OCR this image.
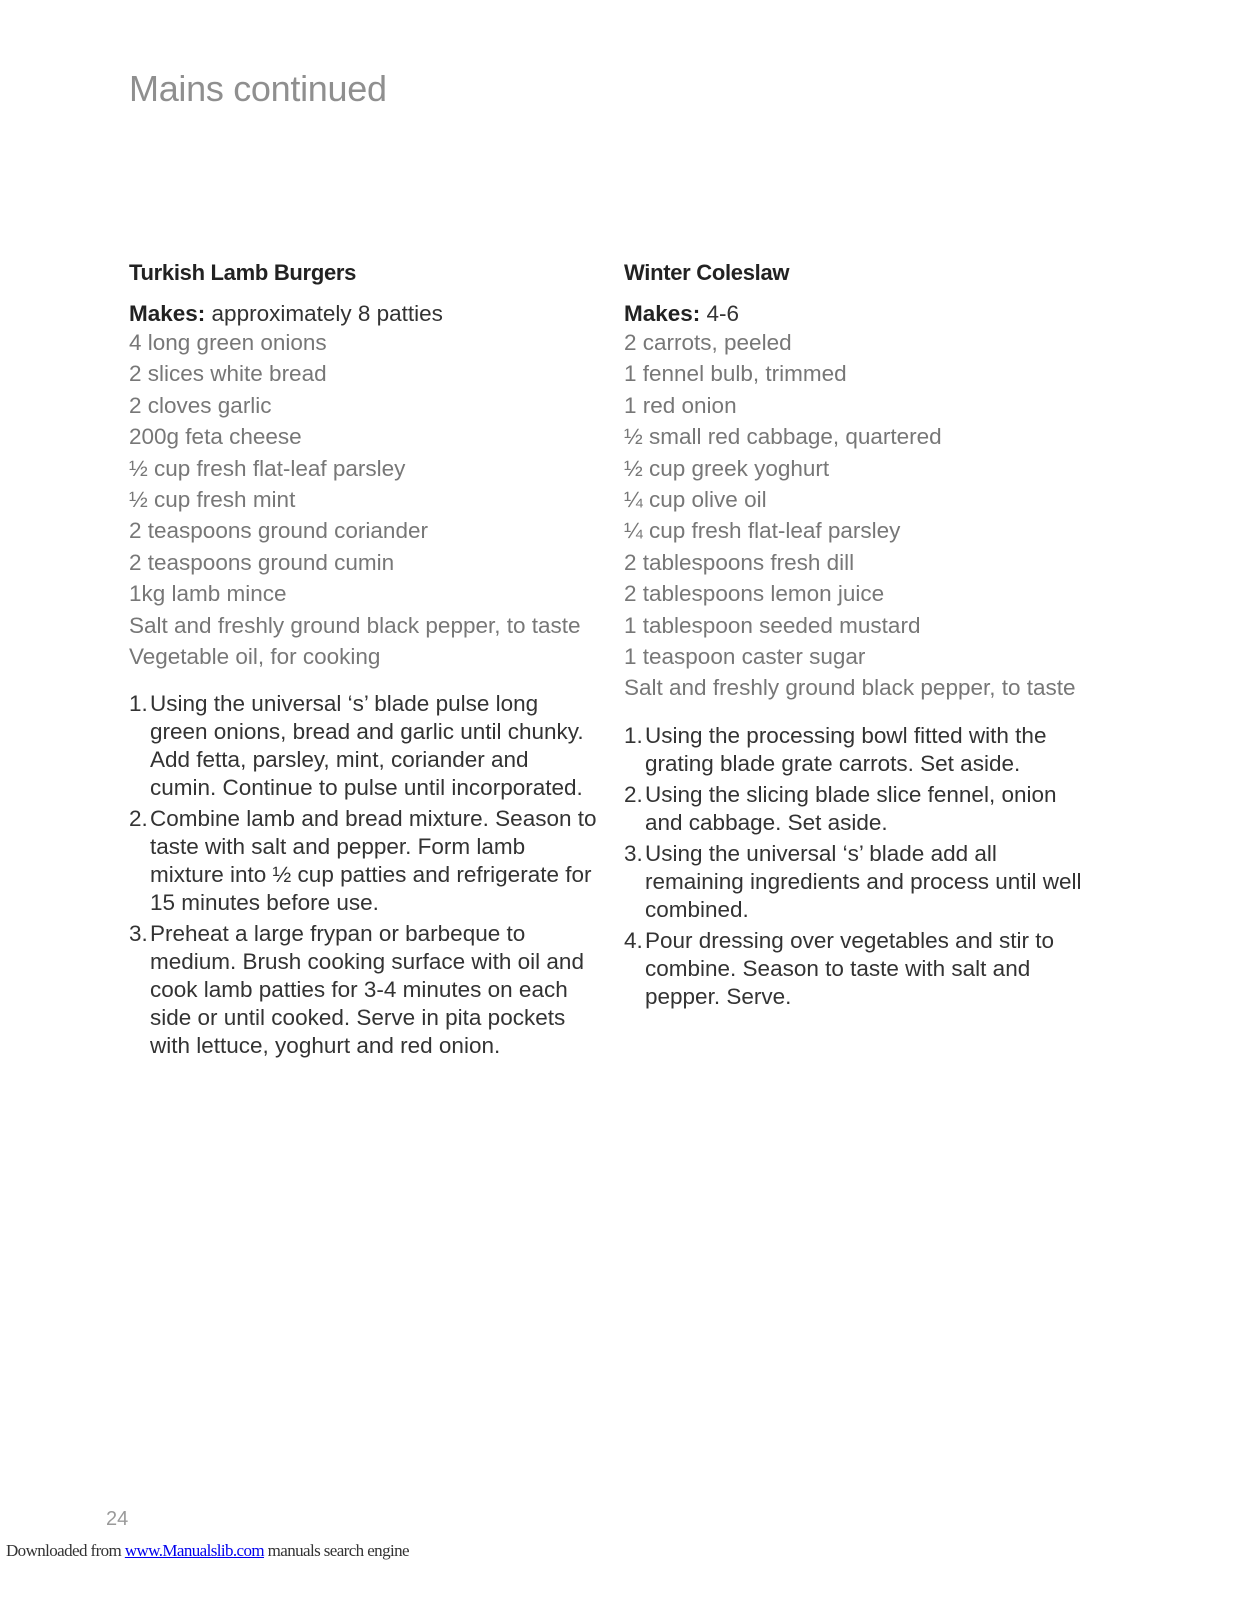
Mains continued
Turkish Lamb Burgers
Makes: approximately 8 patties
4 long green onions
2 slices white bread
2 cloves garlic
200g feta cheese
½ cup fresh flat-leaf parsley
½ cup fresh mint
2 teaspoons ground coriander
2 teaspoons ground cumin
1kg lamb mince
Salt and freshly ground black pepper, to taste
Vegetable oil, for cooking
1. Using the universal ‘s’ blade pulse long green onions, bread and garlic until chunky. Add fetta, parsley, mint, coriander and cumin. Continue to pulse until incorporated.
2. Combine lamb and bread mixture. Season to taste with salt and pepper. Form lamb mixture into ½ cup patties and refrigerate for 15 minutes before use.
3. Preheat a large frypan or barbeque to medium. Brush cooking surface with oil and cook lamb patties for 3-4 minutes on each side or until cooked. Serve in pita pockets with lettuce, yoghurt and red onion.
Winter Coleslaw
Makes: 4-6
2 carrots, peeled
1 fennel bulb, trimmed
1 red onion
½ small red cabbage, quartered
½ cup greek yoghurt
¼ cup olive oil
¼ cup fresh flat-leaf parsley
2 tablespoons fresh dill
2 tablespoons lemon juice
1 tablespoon seeded mustard
1 teaspoon caster sugar
Salt and freshly ground black pepper, to taste
1. Using the processing bowl fitted with the grating blade grate carrots. Set aside.
2. Using the slicing blade slice fennel, onion and cabbage. Set aside.
3. Using the universal ‘s’ blade add all remaining ingredients and process until well combined.
4. Pour dressing over vegetables and stir to combine. Season to taste with salt and pepper. Serve.
24
Downloaded from www.Manualslib.com manuals search engine
